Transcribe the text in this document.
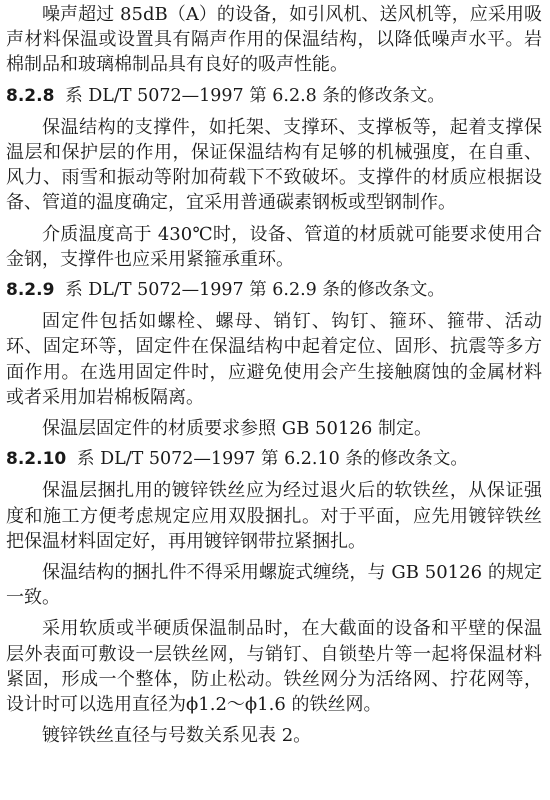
噪声超过 85dB（A）的设备，如引风机、送风机等，应采用吸声材料保温或设置具有隔声作用的保温结构，以降低噪声水平。岩棉制品和玻璃棉制品具有良好的吸声性能。

8.2.8 系 DL/T 5072—1997 第 6.2.8 条的修改条文。

保温结构的支撑件，如托架、支撑环、支撑板等，起着支撑保温层和保护层的作用，保证保温结构有足够的机械强度，在自重、风力、雨雪和振动等附加荷载下不致破坏。支撑件的材质应根据设备、管道的温度确定，宜采用普通碳素钢板或型钢制作。

介质温度高于 430℃时，设备、管道的材质就可能要求使用合金钢，支撑件也应采用紧箍承重环。

8.2.9 系 DL/T 5072—1997 第 6.2.9 条的修改条文。

固定件包括如螺栓、螺母、销钉、钩钉、箍环、箍带、活动环、固定环等，固定件在保温结构中起着定位、固形、抗震等多方面作用。在选用固定件时，应避免使用会产生接触腐蚀的金属材料或者采用加岩棉板隔离。

保温层固定件的材质要求参照 GB 50126 制定。

8.2.10 系 DL/T 5072—1997 第 6.2.10 条的修改条文。

保温层捆扎用的镀锌铁丝应为经过退火后的软铁丝，从保证强度和施工方便考虑规定应用双股捆扎。对于平面，应先用镀锌铁丝把保温材料固定好，再用镀锌钢带拉紧捆扎。

保温结构的捆扎件不得采用螺旋式缠绕，与 GB 50126 的规定一致。

采用软质或半硬质保温制品时，在大截面的设备和平壁的保温层外表面可敷设一层铁丝网，与销钉、自锁垫片等一起将保温材料紧固，形成一个整体，防止松动。铁丝网分为活络网、拧花网等，设计时可以选用直径为ϕ1.2～ϕ1.6 的铁丝网。

镀锌铁丝直径与号数关系见表 2。
